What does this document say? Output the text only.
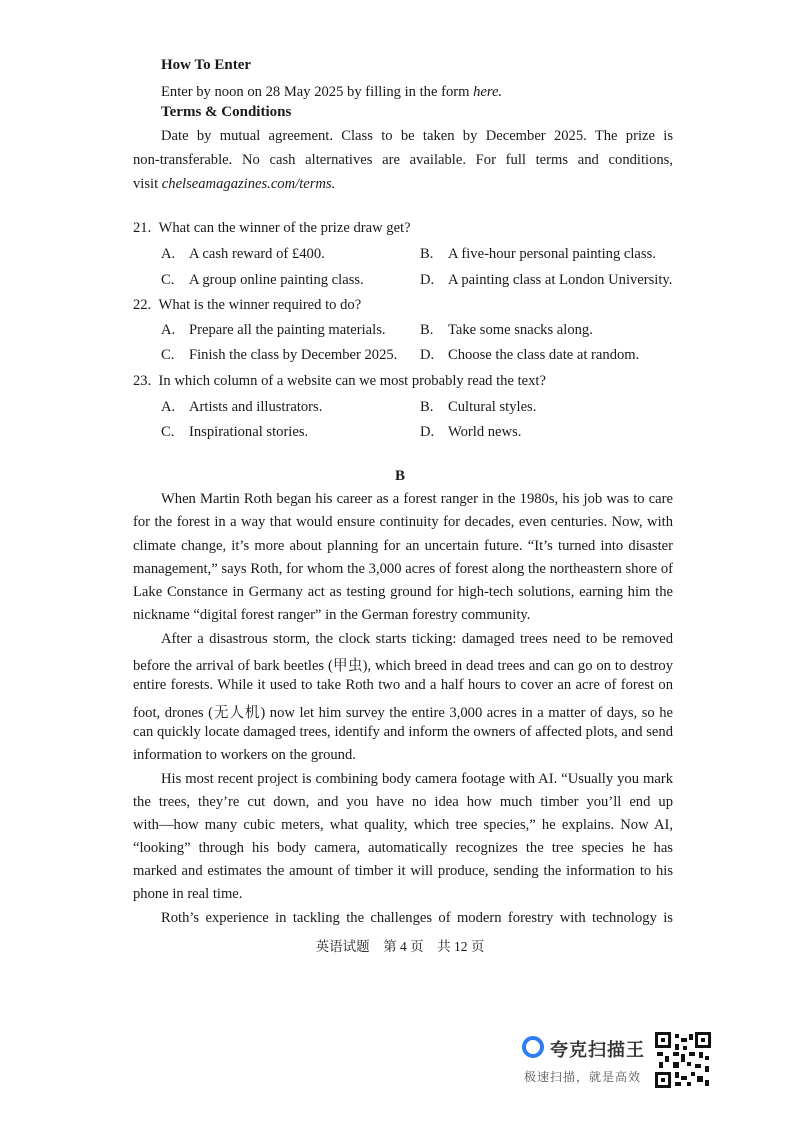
How To Enter
Enter by noon on 28 May 2025 by filling in the form here.
Terms & Conditions
Date by mutual agreement. Class to be taken by December 2025. The prize is
non-transferable. No cash alternatives are available. For full terms and conditions,
visit chelseamagazines.com/terms.
21. What can the winner of the prize draw get?
A. A cash reward of £400.	B. A five-hour personal painting class.
C. A group online painting class.	D. A painting class at London University.
22. What is the winner required to do?
A. Prepare all the painting materials. B. Take some snacks along.
C. Finish the class by December 2025. D. Choose the class date at random.
23. In which column of a website can we most probably read the text?
A. Artists and illustrators.	B. Cultural styles.
C. Inspirational stories.	D. World news.
B
When Martin Roth began his career as a forest ranger in the 1980s, his job was to care
for the forest in a way that would ensure continuity for decades, even centuries. Now, with
climate change, it’s more about planning for an uncertain future. “It’s turned into disaster
management,” says Roth, for whom the 3,000 acres of forest along the northeastern shore of
Lake Constance in Germany act as testing ground for high-tech solutions, earning him the
nickname “digital forest ranger” in the German forestry community.
After a disastrous storm, the clock starts ticking: damaged trees need to be removed
before the arrival of bark beetles (甲虫), which breed in dead trees and can go on to destroy
entire forests. While it used to take Roth two and a half hours to cover an acre of forest on
foot, drones (无人机) now let him survey the entire 3,000 acres in a matter of days, so he
can quickly locate damaged trees, identify and inform the owners of affected plots, and send
information to workers on the ground.
His most recent project is combining body camera footage with AI. “Usually you mark
the trees, they’re cut down, and you have no idea how much timber you’ll end up
with—how many cubic meters, what quality, which tree species,” he explains. Now AI,
“looking” through his body camera, automatically recognizes the tree species he has
marked and estimates the amount of timber it will produce, sending the information to his
phone in real time.
Roth’s experience in tackling the challenges of modern forestry with technology is
英语试题　第 4 页　共 12 页
夸克扫描王
极速扫描，就是高效
